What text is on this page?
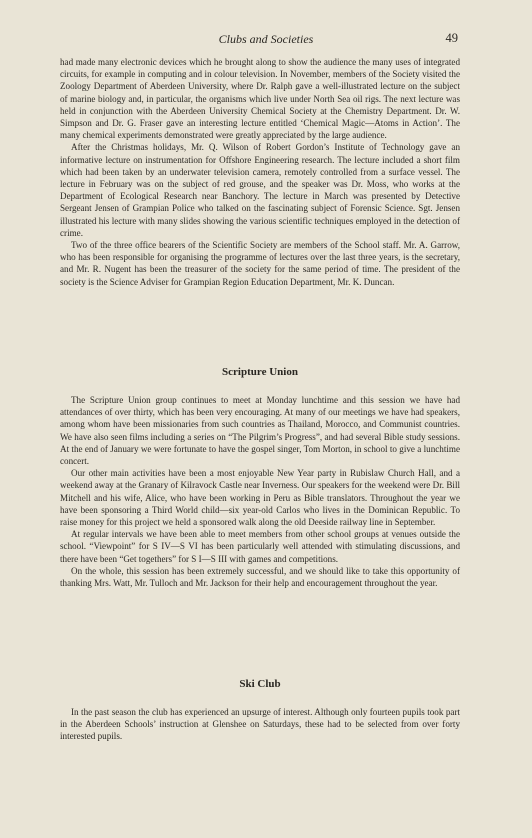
Clubs and Societies	49

had made many electronic devices which he brought along to show the audience the many uses of integrated circuits, for example in computing and in colour television. In November, members of the Society visited the Zoology Department of Aberdeen University, where Dr. Ralph gave a well-illustrated lecture on the subject of marine biology and, in particular, the organisms which live under North Sea oil rigs. The next lecture was held in conjunction with the Aberdeen University Chemical Society at the Chemistry Department. Dr. W. Simpson and Dr. G. Fraser gave an interesting lecture entitled ‘Chemical Magic—Atoms in Action’. The many chemical experiments demonstrated were greatly appreciated by the large audience.

After the Christmas holidays, Mr. Q. Wilson of Robert Gordon’s Institute of Technology gave an informative lecture on instrumentation for Offshore Engineering research. The lecture included a short film which had been taken by an underwater television camera, remotely controlled from a surface vessel. The lecture in February was on the subject of red grouse, and the speaker was Dr. Moss, who works at the Department of Ecological Research near Banchory. The lecture in March was presented by Detective Sergeant Jensen of Grampian Police who talked on the fascinating subject of Forensic Science. Sgt. Jensen illustrated his lecture with many slides showing the various scientific techniques employed in the detection of crime.

Two of the three office bearers of the Scientific Society are members of the School staff. Mr. A. Garrow, who has been responsible for organising the programme of lectures over the last three years, is the secretary, and Mr. R. Nugent has been the treasurer of the society for the same period of time. The president of the society is the Science Adviser for Grampian Region Education Department, Mr. K. Duncan.

Scripture Union

The Scripture Union group continues to meet at Monday lunchtime and this session we have had attendances of over thirty, which has been very encouraging. At many of our meetings we have had speakers, among whom have been missionaries from such countries as Thailand, Morocco, and Communist countries. We have also seen films including a series on “The Pilgrim’s Progress”, and had several Bible study sessions. At the end of January we were fortunate to have the gospel singer, Tom Morton, in school to give a lunchtime concert.

Our other main activities have been a most enjoyable New Year party in Rubislaw Church Hall, and a weekend away at the Granary of Kilravock Castle near Inverness. Our speakers for the weekend were Dr. Bill Mitchell and his wife, Alice, who have been working in Peru as Bible translators. Throughout the year we have been sponsoring a Third World child—six year-old Carlos who lives in the Dominican Republic. To raise money for this project we held a sponsored walk along the old Deeside railway line in September.

At regular intervals we have been able to meet members from other school groups at venues outside the school. “Viewpoint” for S IV—S VI has been particularly well attended with stimulating discussions, and there have been “Get togethers” for S I—S III with games and competitions.

On the whole, this session has been extremely successful, and we should like to take this opportunity of thanking Mrs. Watt, Mr. Tulloch and Mr. Jackson for their help and encouragement throughout the year.

Ski Club

In the past season the club has experienced an upsurge of interest. Although only fourteen pupils took part in the Aberdeen Schools’ instruction at Glenshee on Saturdays, these had to be selected from over forty interested pupils.
